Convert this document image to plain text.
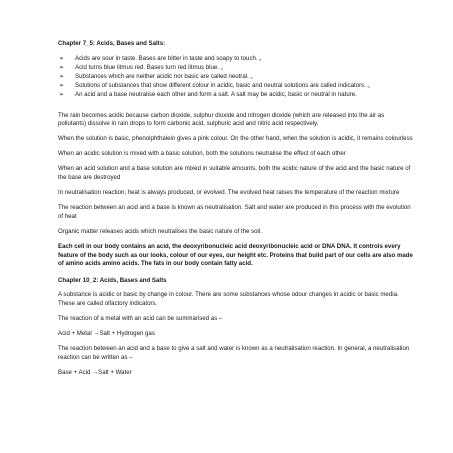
Chapter 7_5: Acids, Bases and Salts:
➢ Acids are sour in taste. Bases are bitter in taste and soapy to touch. „
➢ Acid turns blue litmus red. Bases turn red litmus blue. „
➢ Substances which are neither acidic nor basic are called neutral. „
➢ Solutions of substances that show different colour in acidic, basic and neutral solutions are called indicators. „
➢ An acid and a base neutralise each other and form a salt. A salt may be acidic, basic or neutral in nature.

The rain becomes acidic because carbon dioxide, sulphur dioxide and nitrogen dioxide (which are released into the air as pollutants) dissolve in rain drops to form carbonic acid, sulphuric acid and nitric acid respectively.

When the solution is basic, phenolphthalein gives a pink colour. On the other hand, when the solution is acidic, it remains colourless

When an acidic solution is mixed with a basic solution, both the solutions neutralise the effect of each other

When an acid solution and a base solution are mixed in suitable amounts, both the acidic nature of the acid and the basic nature of the base are destroyed

In neutralisation reaction, heat is always produced, or evolved. The evolved heat raises the temperature of the reaction mixture

The reaction between an acid and a base is known as neutralisation. Salt and water are produced in this process with the evolution of heat

Organic matter releases acids which neutralises the basic nature of the soil.

Each cell in our body contains an acid, the deoxyribonucleic acid deoxyribonucleic acid or DNA DNA. It controls every feature of the body such as our looks, colour of our eyes, our height etc. Proteins that build part of our cells are also made of amino acids amino acids. The fats in our body contain fatty acid.

Chapter 10_2: Acids, Bases and Salts

A substance is acidic or basic by change in colour. There are some substances whose odour changes in acidic or basic media. These are called olfactory indicators.

The reaction of a metal with an acid can be summarised as –

Acid + Metal →Salt + Hydrogen gas

The reaction between an acid and a base to give a salt and water is known as a neutralisation reaction. In general, a neutralisation reaction can be written as –

Base + Acid →Salt + Water
